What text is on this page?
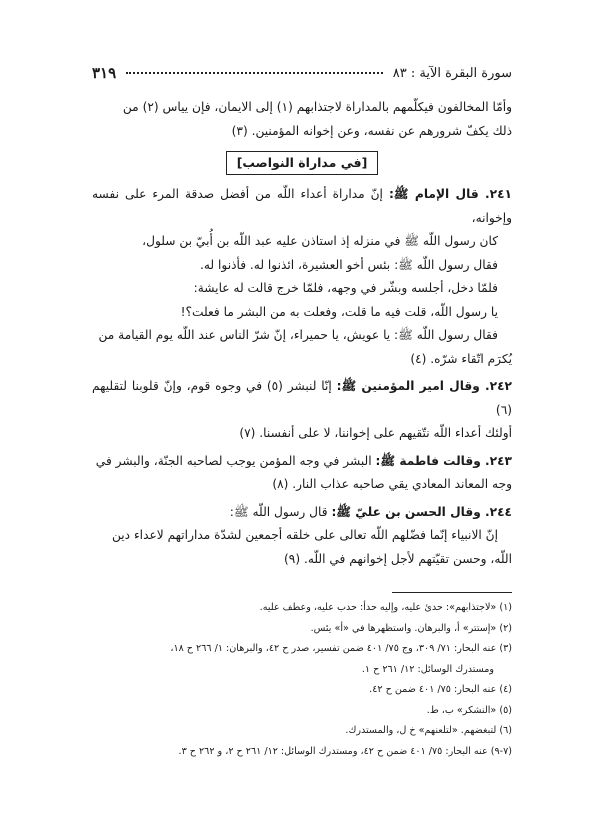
٣١٩	سورة البقرة الآية : ٨٣

وأمّا المخالفون فيكلّمهم بالمداراة لاجتذابهم (١) إلى الايمان، فإن يياس (٢) من

ذلك يكفّ شرورهم عن نفسه، وعن إخوانه المؤمنين. (٣)

[في مداراة النواصب]

٢٤١. قال الإمام ﷺ: إنّ مداراة أعداء اللّه من أفضل صدقة المرء على نفسه وإخوانه،

كان رسول اللّه ﷺ في منزله إذ استاذن عليه عبد اللّه بن أُبيّ بن سلول،

فقال رسول اللّه ﷺ: بئس أخو العشيرة، ائذنوا له. فأذنوا له.

فلمّا دخل، أجلسه وبشّر في وجهه، فلمّا خرج قالت له عايشة:

يا رسول اللّه، قلت فيه ما قلت، وفعلت به من البشر ما فعلت؟!

فقال رسول اللّه ﷺ: يا عويش، يا حميراء، إنّ شرّ الناس عند اللّه يوم القيامة من

يُكرَم اتّقاء شرّه. (٤)

٢٤٢. وقال امير المؤمنين ﷺ: إنّا لنبشر (٥) في وجوه قوم، وإنّ قلوبنا لتقليهم (٦)

أولئك أعداء اللّه نتّقيهم على إخواننا، لا على أنفسنا. (٧)

٢٤٣. وقالت فاطمة ﷺ: البشر في وجه المؤمن يوجب لصاحبه الجنّة، والبشر في

وجه المعاند المعادي يقي صاحبه عذاب النار. (٨)

٢٤٤. وقال الحسن بن عليّ ﷺ: قال رسول اللّه ﷺ:

إنّ الانبياء إنّما فضّلهم اللّه تعالى على خلقه أجمعين لشدّة مداراتهم لاعداء دين

اللّه، وحسن تقيّتهم لأجل إخوانهم في اللّه. (٩)

(١) «لاجتذابهم»: حدئ عليه، وإليه حدأ: حدب عليه، وعطف عليه.

(٢) «إستتر» أ، والبرهان. واستظهرها في «أ» يئس.

(٣) عنه البحار: ٧١/ ٣٠٩، وج ٧٥/ ٤٠١ ضمن تفسير، صدر ح ٤٢، والبرهان: ١/ ٢٦٦ ح ١٨،

ومستدرك الوسائل: ١٢/ ٢٦١ ح ١.

(٤) عنه البحار: ٧٥/ ٤٠١ ضمن ح ٤٢.

(٥) «النشكر» ب، ط.

(٦) لتبغضهم. «لتلعنهم» خ ل، والمستدرك.

(٧-٩) عنه البحار: ٧٥/ ٤٠١ ضمن ح ٤٢، ومستدرك الوسائل: ١٢/ ٢٦١ ح ٢، و ٢٦٢ ح ٣.
